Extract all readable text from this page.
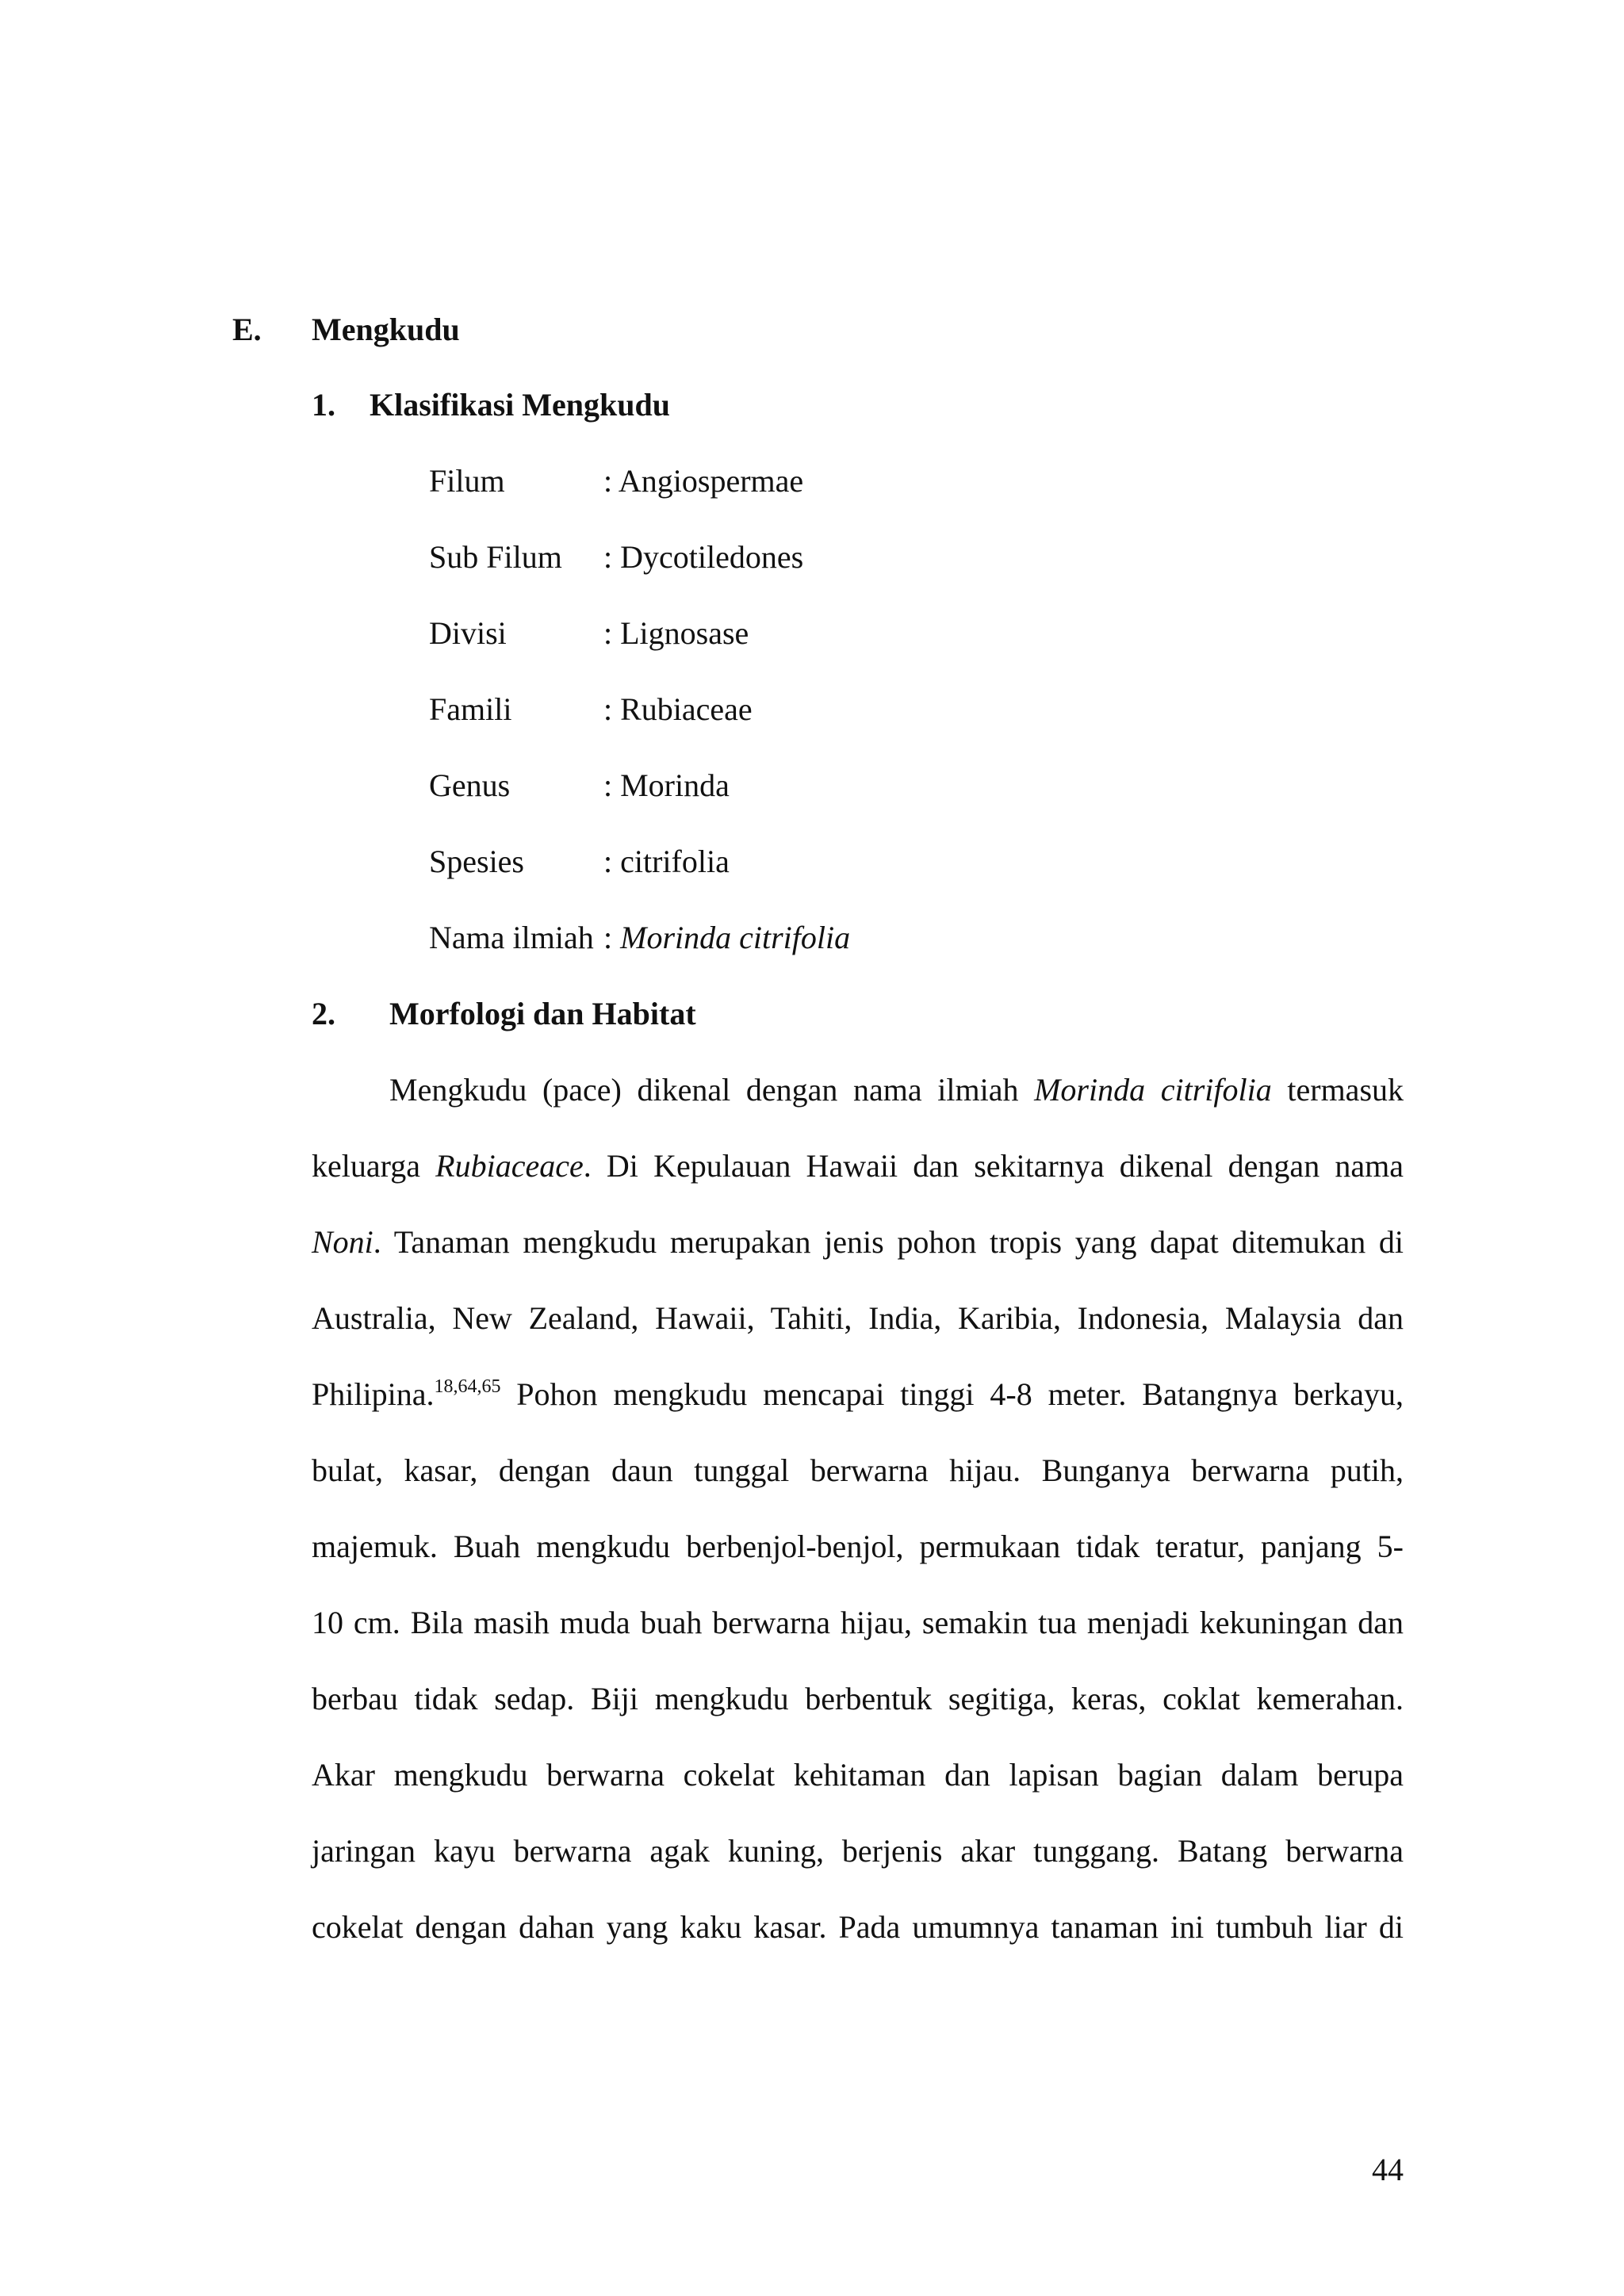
E. Mengkudu
1. Klasifikasi Mengkudu
Filum	: Angiospermae
Sub Filum : Dycotiledones
Divisi	: Lignosase
Famili	: Rubiaceae
Genus	: Morinda
Spesies	: citrifolia
Nama ilmiah : Morinda citrifolia
2. Morfologi dan Habitat
Mengkudu (pace) dikenal dengan nama ilmiah Morinda citrifolia termasuk
keluarga Rubiaceace. Di Kepulauan Hawaii dan sekitarnya dikenal dengan nama
Noni. Tanaman mengkudu merupakan jenis pohon tropis yang dapat ditemukan di
Australia, New Zealand, Hawaii, Tahiti, India, Karibia, Indonesia, Malaysia dan
Philipina.$^{18,64,65}$ Pohon mengkudu mencapai tinggi 4-8 meter. Batangnya berkayu,
bulat, kasar, dengan daun tunggal berwarna hijau. Bunganya berwarna putih,
majemuk. Buah mengkudu berbenjol-benjol, permukaan tidak teratur, panjang 5-
10 cm. Bila masih muda buah berwarna hijau, semakin tua menjadi kekuningan dan
berbau tidak sedap. Biji mengkudu berbentuk segitiga, keras, coklat kemerahan.
Akar mengkudu berwarna cokelat kehitaman dan lapisan bagian dalam berupa
jaringan kayu berwarna agak kuning, berjenis akar tunggang. Batang berwarna
cokelat dengan dahan yang kaku kasar. Pada umumnya tanaman ini tumbuh liar di
44
